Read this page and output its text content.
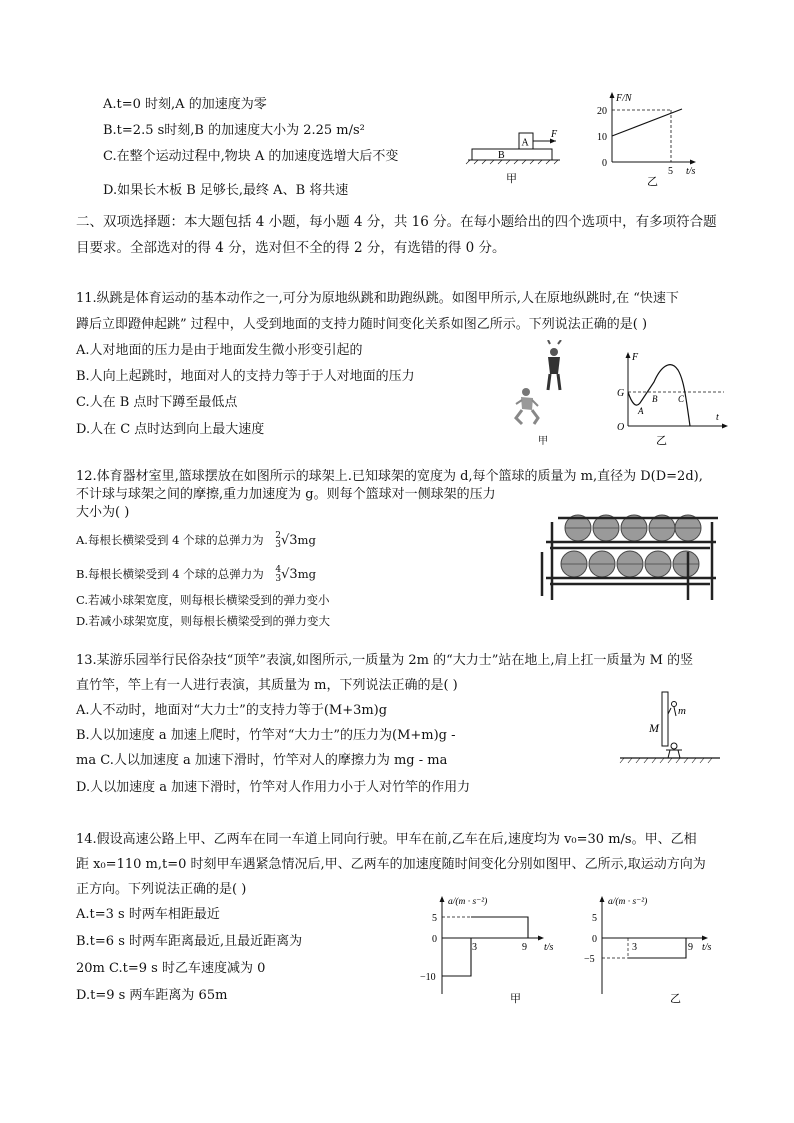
A.t=0 时刻,A 的加速度为零
B.t=2.5 s时刻,B 的加速度大小为 2.25 m/s²
C.在整个运动过程中,物块 A 的加速度选增大后不变
D.如果长木板 B 足够长,最终 A、B 将共速
A
B
F
甲
F/N
20
10
0
5 t/s
乙
二、双项选择题：本大题包括 4 小题，每小题 4 分，共 16 分。在每小题给出的四个选项中，有多项符合题
目要求。全部选对的得 4 分，选对但不全的得 2 分，有选错的得 0 分。
11.纵跳是体育运动的基本动作之一,可分为原地纵跳和助跑纵跳。如图甲所示,人在原地纵跳时,在 “快速下
蹲后立即蹬伸起跳” 过程中，人受到地面的支持力随时间变化关系如图乙所示。下列说法正确的是( )
A.人对地面的压力是由于地面发生微小形变引起的
B.人向上起跳时，地面对人的支持力等于于人对地面的压力
C.人在 B 点时下蹲至最低点
D.人在 C 点时达到向上最大速度
甲
F
G
A
B C
O
t
乙
12.体育器材室里,篮球摆放在如图所示的球架上.已知球架的宽度为 d,每个篮球的质量为 m,直径为 D(D=2d),
不计球与球架之间的摩擦,重力加速度为 g。则每个篮球对一侧球架的压力
大小为( )
A.每根长横梁受到 4 个球的总弹力为 2
3 √3mg
B.每根长横梁受到 4 个球的总弹力为 4
3 √3mg
C.若减小球架宽度，则每根长横梁受到的弹力变小
D.若减小球架宽度，则每根长横梁受到的弹力变大
13.某游乐园举行民俗杂技“顶竿”表演,如图所示,一质量为 2m 的“大力士”站在地上,肩上扛一质量为 M 的竖
直竹竿，竿上有一人进行表演，其质量为 m，下列说法正确的是( )
A.人不动时，地面对“大力士”的支持力等于(M+3m)g
B.人以加速度 a 加速上爬时，竹竿对“大力士”的压力为(M+m)g -
ma C.人以加速度 a 加速下滑时，竹竿对人的摩擦力为 mg - ma
D.人以加速度 a 加速下滑时，竹竿对人作用力小于人对竹竿的作用力
M
m
14.假设高速公路上甲、乙两车在同一车道上同向行驶。甲车在前,乙车在后,速度均为 v₀=30 m/s。甲、乙相
距 x₀=110 m,t=0 时刻甲车遇紧急情况后,甲、乙两车的加速度随时间变化分别如图甲、乙所示,取运动方向为
正方向。下列说法正确的是( )
A.t=3 s 时两车相距最近
B.t=6 s 时两车距离最近,且最近距离为
20m C.t=9 s 时乙车速度减为 0
D.t=9 s 两车距离为 65m
a/(m · s⁻²)
5
0
−10
3	9 t/s
甲
a/(m · s⁻²)
5
0
−5
3	9 t/s
乙
